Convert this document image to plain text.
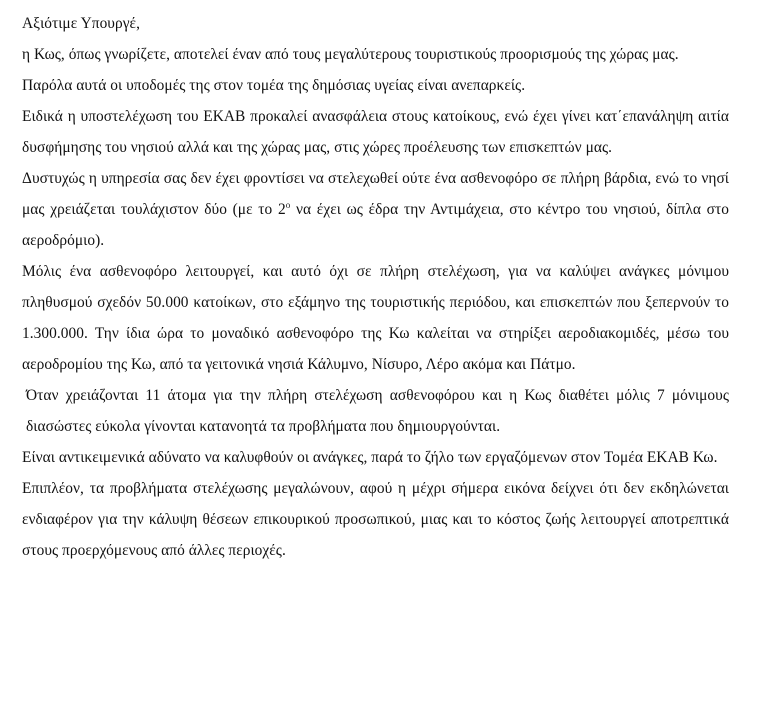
Αξιότιμε Υπουργέ,

η Κως, όπως γνωρίζετε, αποτελεί έναν από τους μεγαλύτερους τουριστικούς προορισμούς της χώρας μας.

Παρόλα αυτά οι υποδομές της στον τομέα της δημόσιας υγείας είναι ανεπαρκείς.

Ειδικά η υποστελέχωση του ΕΚΑΒ προκαλεί ανασφάλεια στους κατοίκους, ενώ έχει γίνει κατ΄επανάληψη αιτία δυσφήμησης του νησιού αλλά και της χώρας μας, στις χώρες προέλευσης των επισκεπτών μας.

Δυστυχώς η υπηρεσία σας δεν έχει φροντίσει να στελεχωθεί ούτε ένα ασθενοφόρο σε πλήρη βάρδια, ενώ το νησί μας χρειάζεται τουλάχιστον δύο (με το $2^o$ να έχει ως έδρα την Αντιμάχεια, στο κέντρο του νησιού, δίπλα στο αεροδρόμιο).

Μόλις ένα ασθενοφόρο λειτουργεί, και αυτό όχι σε πλήρη στελέχωση, για να καλύψει ανάγκες μόνιμου πληθυσμού σχεδόν 50.000 κατοίκων, στο εξάμηνο της τουριστικής περιόδου, και επισκεπτών που ξεπερνούν το 1.300.000. Την ίδια ώρα το μοναδικό ασθενοφόρο της Κω καλείται να στηρίξει αεροδιακομιδές, μέσω του αεροδρομίου της Κω, από τα γειτονικά νησιά Κάλυμνο, Νίσυρο, Λέρο ακόμα και Πάτμο.

Όταν χρειάζονται 11 άτομα για την πλήρη στελέχωση ασθενοφόρου και η Κως διαθέτει μόλις 7 μόνιμους διασώστες εύκολα γίνονται κατανοητά τα προβλήματα που δημιουργούνται.

Είναι αντικειμενικά αδύνατο να καλυφθούν οι ανάγκες, παρά το ζήλο των εργαζόμενων στον Τομέα ΕΚΑΒ Κω.

Επιπλέον, τα προβλήματα στελέχωσης μεγαλώνουν, αφού η μέχρι σήμερα εικόνα δείχνει ότι δεν εκδηλώνεται ενδιαφέρον για την κάλυψη θέσεων επικουρικού προσωπικού, μιας και το κόστος ζωής λειτουργεί αποτρεπτικά στους προερχόμενους από άλλες περιοχές.
